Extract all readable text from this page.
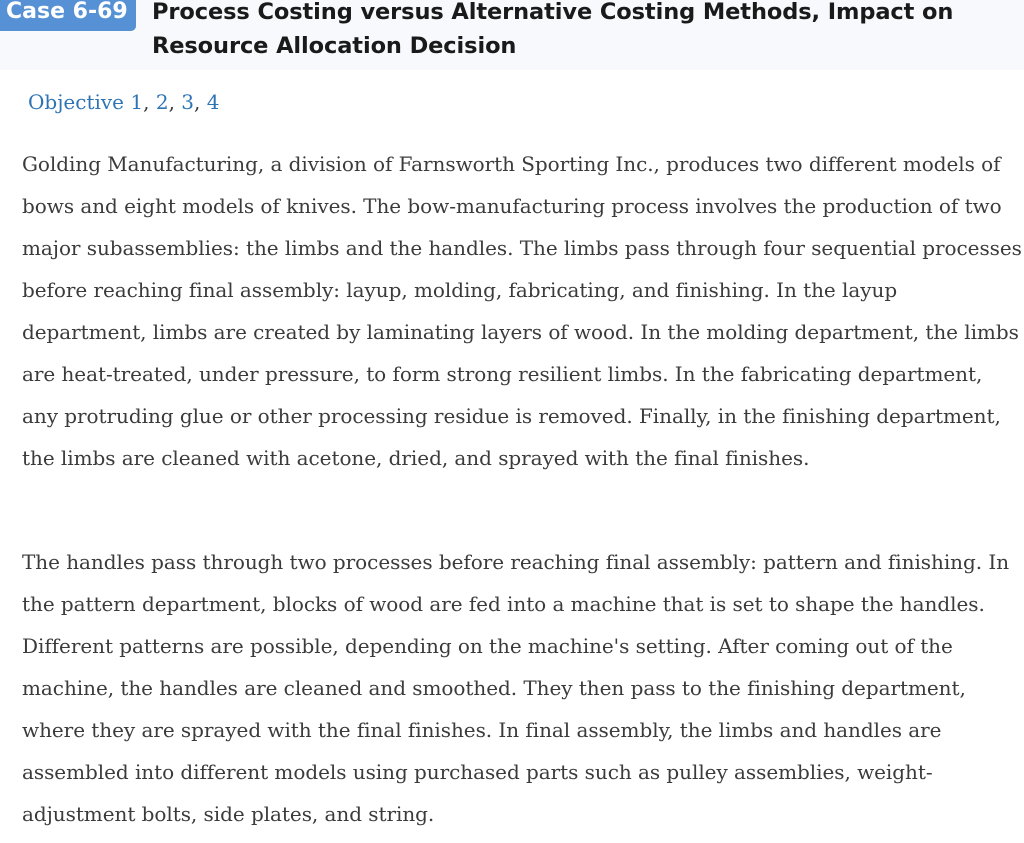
Case 6-69	Process Costing versus Alternative Costing Methods, Impact on Resource Allocation Decision
Objective 1, 2, 3, 4

Golding Manufacturing, a division of Farnsworth Sporting Inc., produces two different models of bows and eight models of knives. The bow-manufacturing process involves the production of two major subassemblies: the limbs and the handles. The limbs pass through four sequential processes before reaching final assembly: layup, molding, fabricating, and finishing. In the layup department, limbs are created by laminating layers of wood. In the molding department, the limbs are heat-treated, under pressure, to form strong resilient limbs. In the fabricating department, any protruding glue or other processing residue is removed. Finally, in the finishing department, the limbs are cleaned with acetone, dried, and sprayed with the final finishes.

The handles pass through two processes before reaching final assembly: pattern and finishing. In the pattern department, blocks of wood are fed into a machine that is set to shape the handles. Different patterns are possible, depending on the machine's setting. After coming out of the machine, the handles are cleaned and smoothed. They then pass to the finishing department, where they are sprayed with the final finishes. In final assembly, the limbs and handles are assembled into different models using purchased parts such as pulley assemblies, weight-adjustment bolts, side plates, and string.
